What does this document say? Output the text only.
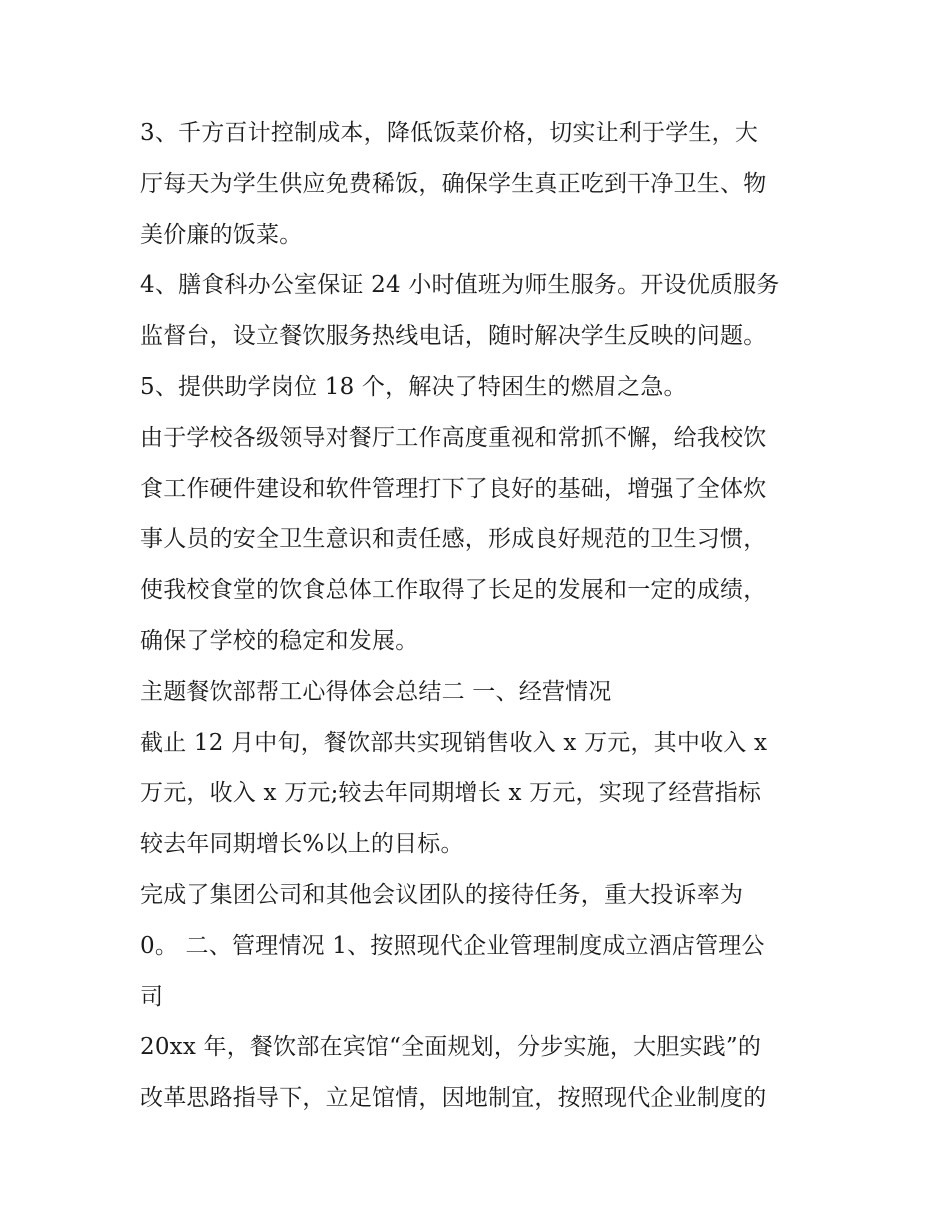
3、千方百计控制成本，降低饭菜价格，切实让利于学生，大

厅每天为学生供应免费稀饭，确保学生真正吃到干净卫生、物

美价廉的饭菜。

4、膳食科办公室保证 24 小时值班为师生服务。开设优质服务

监督台，设立餐饮服务热线电话，随时解决学生反映的问题。

5、提供助学岗位 18 个，解决了特困生的燃眉之急。

由于学校各级领导对餐厅工作高度重视和常抓不懈，给我校饮

食工作硬件建设和软件管理打下了良好的基础，增强了全体炊

事人员的安全卫生意识和责任感，形成良好规范的卫生习惯，

使我校食堂的饮食总体工作取得了长足的发展和一定的成绩，

确保了学校的稳定和发展。

主题餐饮部帮工心得体会总结二 一、经营情况

截止 12 月中旬，餐饮部共实现销售收入 x 万元，其中收入 x

万元，收入 x 万元;较去年同期增长 x 万元，实现了经营指标

较去年同期增长%以上的目标。

完成了集团公司和其他会议团队的接待任务，重大投诉率为

0。 二、管理情况 1、按照现代企业管理制度成立酒店管理公

司

20xx 年，餐饮部在宾馆“全面规划，分步实施，大胆实践”的

改革思路指导下，立足馆情，因地制宜，按照现代企业制度的
